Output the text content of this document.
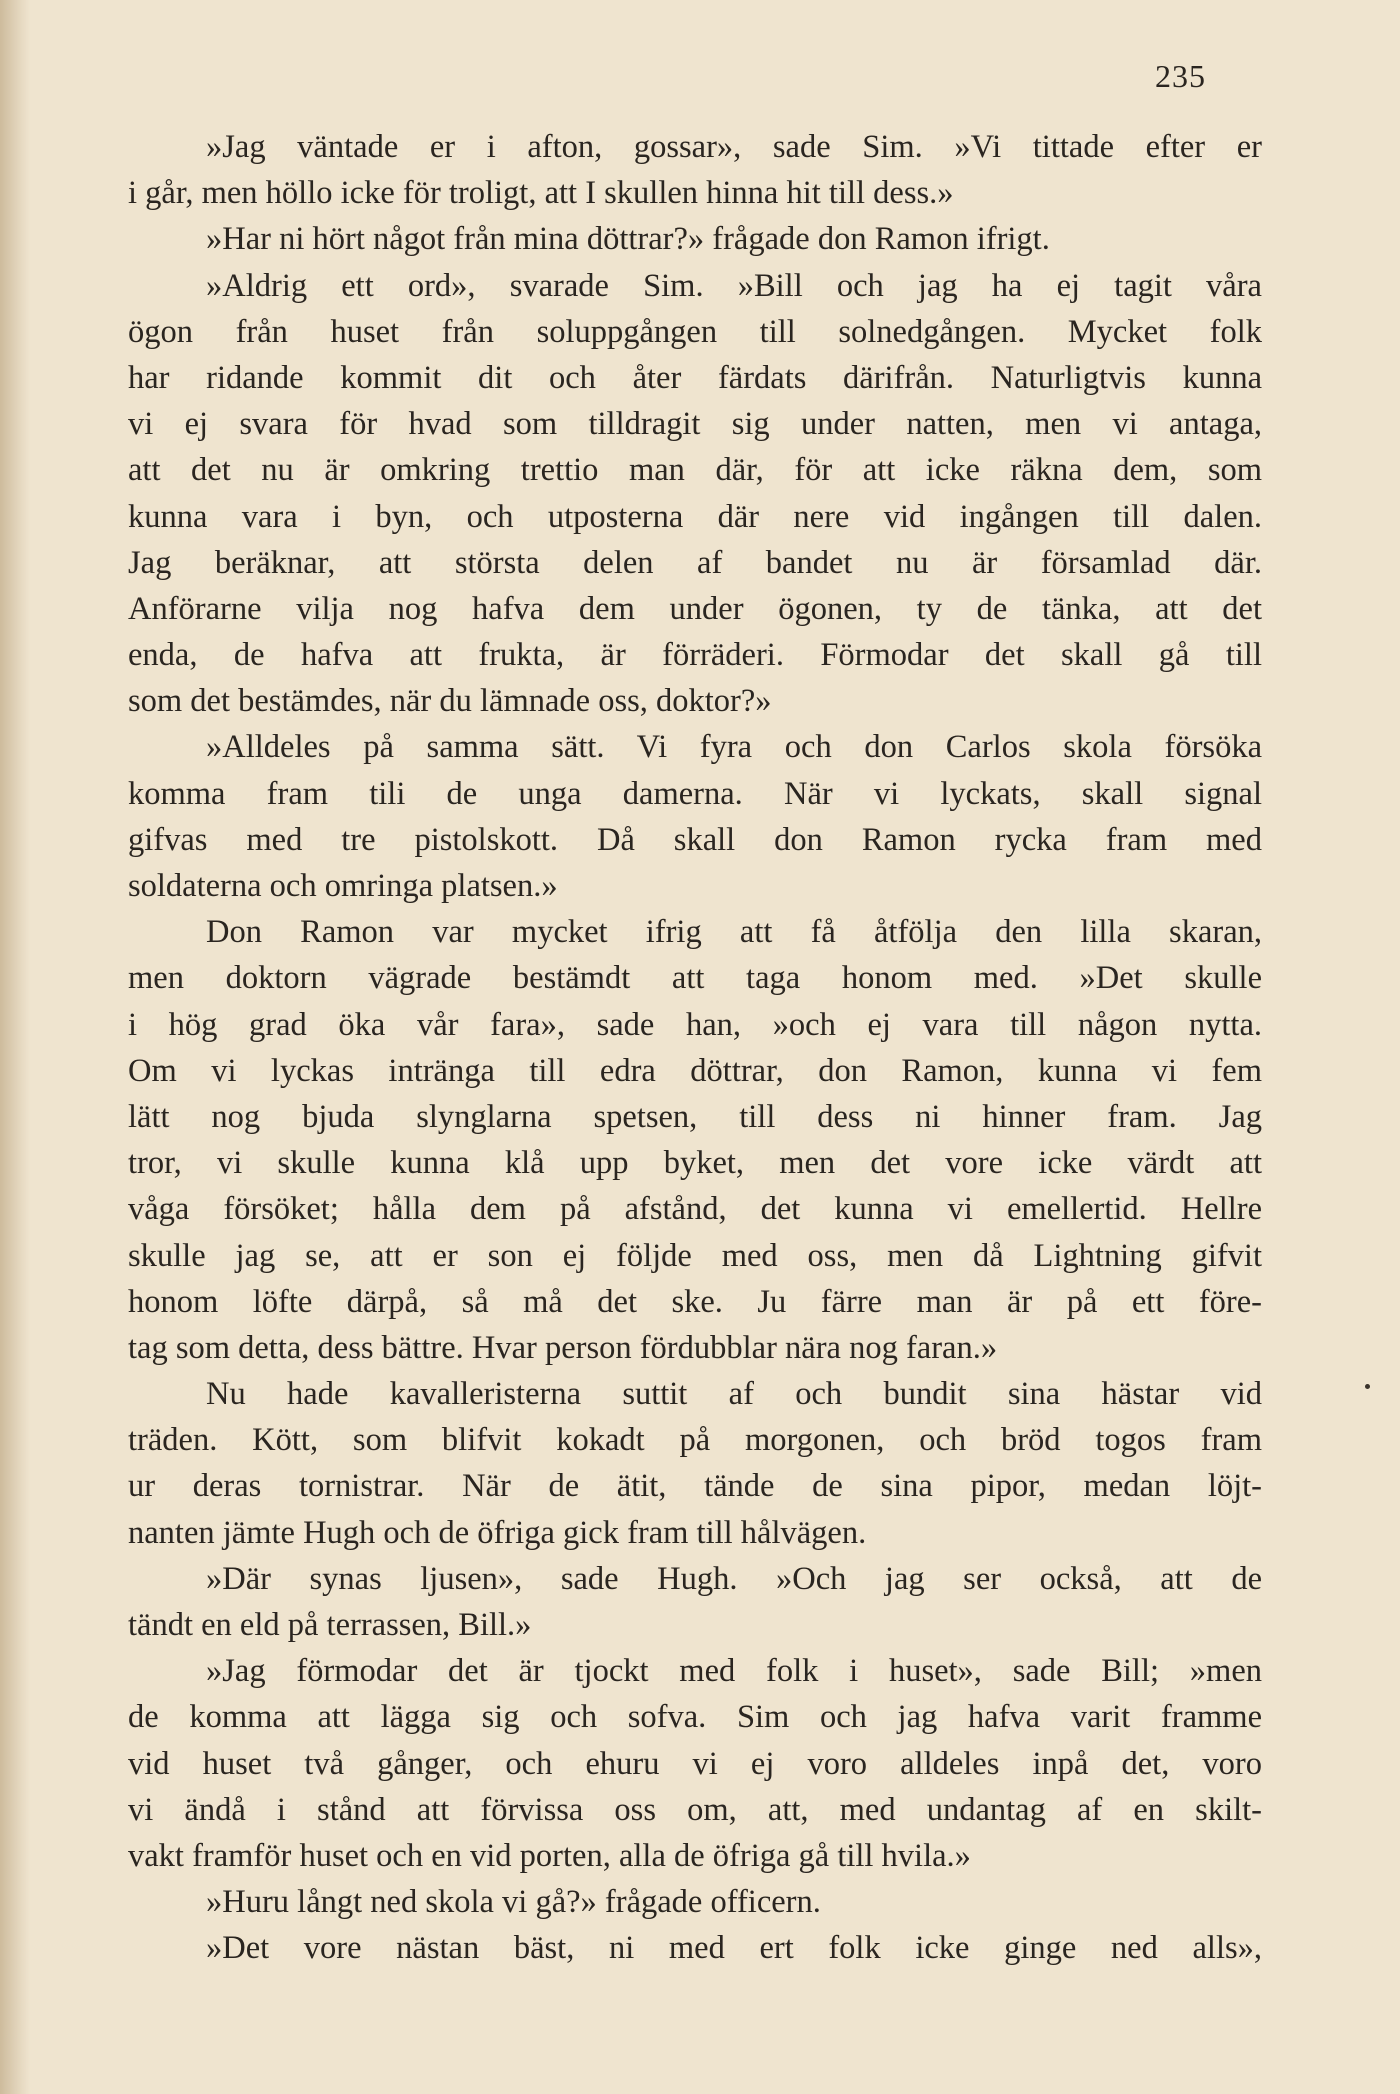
235
»Jag väntade er i afton, gossar», sade Sim. »Vi tittade efter er
i går, men höllo icke för troligt, att I skullen hinna hit till dess.»
»Har ni hört något från mina döttrar?» frågade don Ramon ifrigt.
»Aldrig ett ord», svarade Sim. »Bill och jag ha ej tagit våra
ögon från huset från soluppgången till solnedgången. Mycket folk
har ridande kommit dit och åter färdats därifrån. Naturligtvis kunna
vi ej svara för hvad som tilldragit sig under natten, men vi antaga,
att det nu är omkring trettio man där, för att icke räkna dem, som
kunna vara i byn, och utposterna där nere vid ingången till dalen.
Jag beräknar, att största delen af bandet nu är församlad där.
Anförarne vilja nog hafva dem under ögonen, ty de tänka, att det
enda, de hafva att frukta, är förräderi. Förmodar det skall gå till
som det bestämdes, när du lämnade oss, doktor?»
»Alldeles på samma sätt. Vi fyra och don Carlos skola försöka
komma fram tili de unga damerna. När vi lyckats, skall signal
gifvas med tre pistolskott. Då skall don Ramon rycka fram med
soldaterna och omringa platsen.»
Don Ramon var mycket ifrig att få åtfölja den lilla skaran,
men doktorn vägrade bestämdt att taga honom med. »Det skulle
i hög grad öka vår fara», sade han, »och ej vara till någon nytta.
Om vi lyckas intränga till edra döttrar, don Ramon, kunna vi fem
lätt nog bjuda slynglarna spetsen, till dess ni hinner fram. Jag
tror, vi skulle kunna klå upp byket, men det vore icke värdt att
våga försöket; hålla dem på afstånd, det kunna vi emellertid. Hellre
skulle jag se, att er son ej följde med oss, men då Lightning gifvit
honom löfte därpå, så må det ske. Ju färre man är på ett före-
tag som detta, dess bättre. Hvar person fördubblar nära nog faran.»
Nu hade kavalleristerna suttit af och bundit sina hästar vid
träden. Kött, som blifvit kokadt på morgonen, och bröd togos fram
ur deras tornistrar. När de ätit, tände de sina pipor, medan löjt-
nanten jämte Hugh och de öfriga gick fram till hålvägen.
»Där synas ljusen», sade Hugh. »Och jag ser också, att de
tändt en eld på terrassen, Bill.»
»Jag förmodar det är tjockt med folk i huset», sade Bill; »men
de komma att lägga sig och sofva. Sim och jag hafva varit framme
vid huset två gånger, och ehuru vi ej voro alldeles inpå det, voro
vi ändå i stånd att förvissa oss om, att, med undantag af en skilt-
vakt framför huset och en vid porten, alla de öfriga gå till hvila.»
»Huru långt ned skola vi gå?» frågade officern.
»Det vore nästan bäst, ni med ert folk icke ginge ned alls»,
